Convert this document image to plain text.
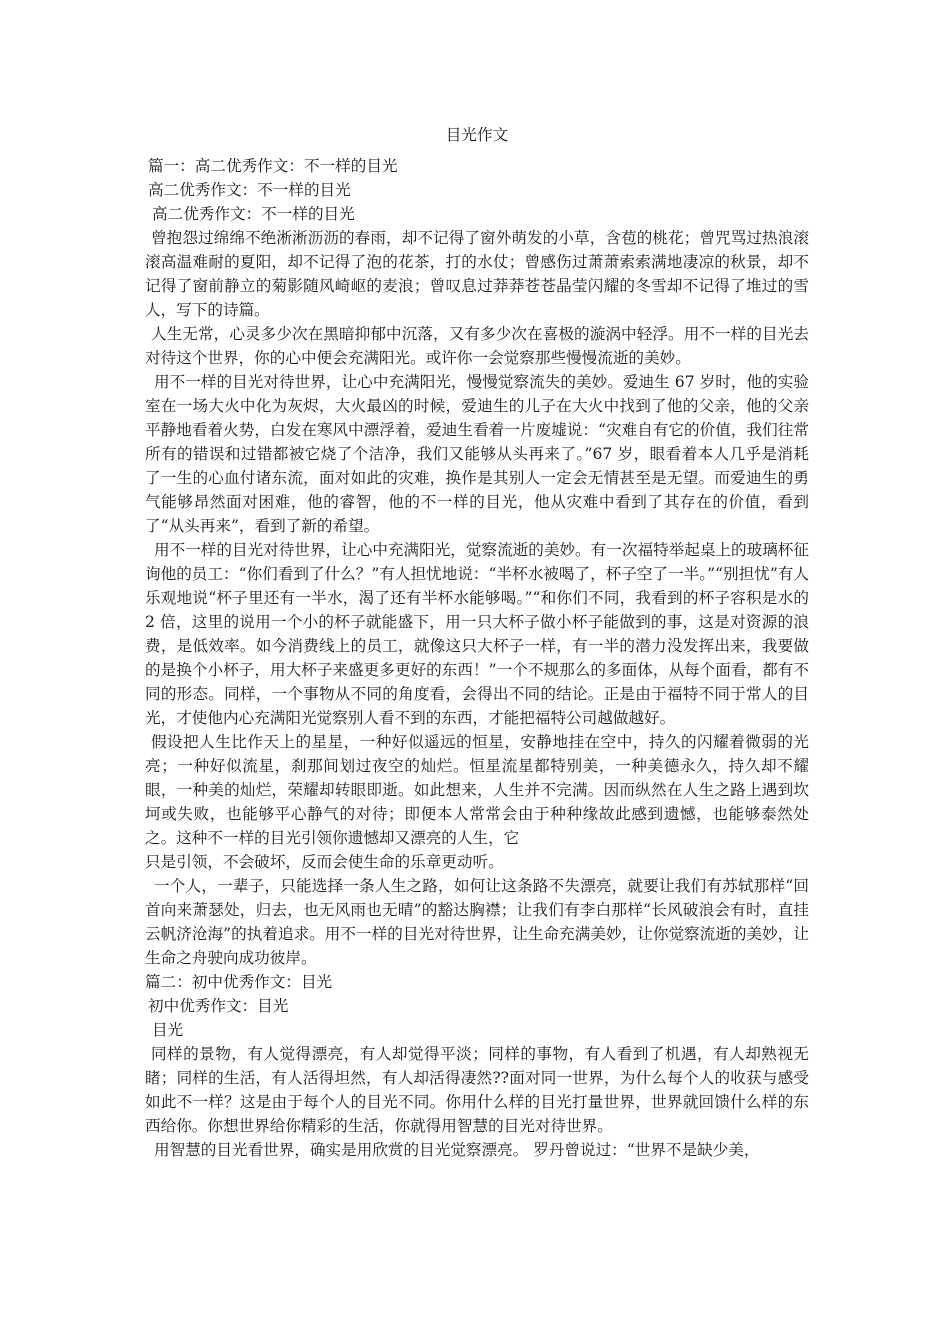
目光作文

篇一：高二优秀作文：不一样的目光

高二优秀作文：不一样的目光

高二优秀作文：不一样的目光

曾抱怨过绵绵不绝淅淅沥沥的春雨，却不记得了窗外萌发的小草，含苞的桃花；曾咒骂过热浪滚滚高温难耐的夏阳，却不记得了泡的花茶，打的水仗；曾感伤过萧萧索索满地凄凉的秋景，却不记得了窗前静立的菊影随风崎岖的麦浪；曾叹息过莽莽苍苍晶莹闪耀的冬雪却不记得了堆过的雪人，写下的诗篇。

人生无常，心灵多少次在黑暗抑郁中沉落，又有多少次在喜极的漩涡中轻浮。用不一样的目光去对待这个世界，你的心中便会充满阳光。或许你一会觉察那些慢慢流逝的美妙。

用不一样的目光对待世界，让心中充满阳光，慢慢觉察流失的美妙。爱迪生 67 岁时，他的实验室在一场大火中化为灰烬，大火最凶的时候，爱迪生的儿子在大火中找到了他的父亲，他的父亲平静地看着火势，白发在寒风中漂浮着，爱迪生看着一片废墟说：“灾难自有它的价值，我们往常所有的错误和过错都被它烧了个洁净，我们又能够从头再来了。”67 岁，眼看着本人几乎是消耗了一生的心血付诸东流，面对如此的灾难，换作是其别人一定会无情甚至是无望。而爱迪生的勇气能够昂然面对困难，他的睿智，他的不一样的目光，他从灾难中看到了其存在的价值，看到了“从头再来”，看到了新的希望。

用不一样的目光对待世界，让心中充满阳光，觉察流逝的美妙。有一次福特举起桌上的玻璃杯征询他的员工：“你们看到了什么？”有人担忧地说：“半杯水被喝了，杯子空了一半。”“别担忧”有人乐观地说“杯子里还有一半水，渴了还有半杯水能够喝。”“和你们不同，我看到的杯子容积是水的 2 倍，这里的说用一个小的杯子就能盛下，用一只大杯子做小杯子能做到的事，这是对资源的浪费，是低效率。如今消费线上的员工，就像这只大杯子一样，有一半的潜力没发挥出来，我要做的是换个小杯子，用大杯子来盛更多更好的东西！”一个不规那么的多面体，从每个面看，都有不同的形态。同样，一个事物从不同的角度看，会得出不同的结论。正是由于福特不同于常人的目光，才使他内心充满阳光觉察别人看不到的东西，才能把福特公司越做越好。

假设把人生比作天上的星星，一种好似遥远的恒星，安静地挂在空中，持久的闪耀着微弱的光亮；一种好似流星，刹那间划过夜空的灿烂。恒星流星都特别美，一种美德永久，持久却不耀眼，一种美的灿烂，荣耀却转眼即逝。如此想来，人生并不完满。因而纵然在人生之路上遇到坎坷或失败，也能够平心静气的对待；即便本人常常会由于种种缘故此感到遗憾，也能够泰然处之。这种不一样的目光引领你遗憾却又漂亮的人生，它

只是引领，不会破坏，反而会使生命的乐章更动听。

一个人，一辈子，只能选择一条人生之路，如何让这条路不失漂亮，就要让我们有苏轼那样“回首向来萧瑟处，归去，也无风雨也无晴”的豁达胸襟；让我们有李白那样“长风破浪会有时，直挂云帆济沧海”的执着追求。用不一样的目光对待世界，让生命充满美妙，让你觉察流逝的美妙，让生命之舟驶向成功彼岸。

篇二：初中优秀作文：目光

初中优秀作文：目光

目光

同样的景物，有人觉得漂亮，有人却觉得平淡；同样的事物，有人看到了机遇，有人却熟视无睹；同样的生活，有人活得坦然，有人却活得凄然??面对同一世界，为什么每个人的收获与感受如此不一样？这是由于每个人的目光不同。你用什么样的目光打量世界，世界就回馈什么样的东西给你。你想世界给你精彩的生活，你就得用智慧的目光对待世界。

用智慧的目光看世界，确实是用欣赏的目光觉察漂亮。 罗丹曾说过：“世界不是缺少美，
